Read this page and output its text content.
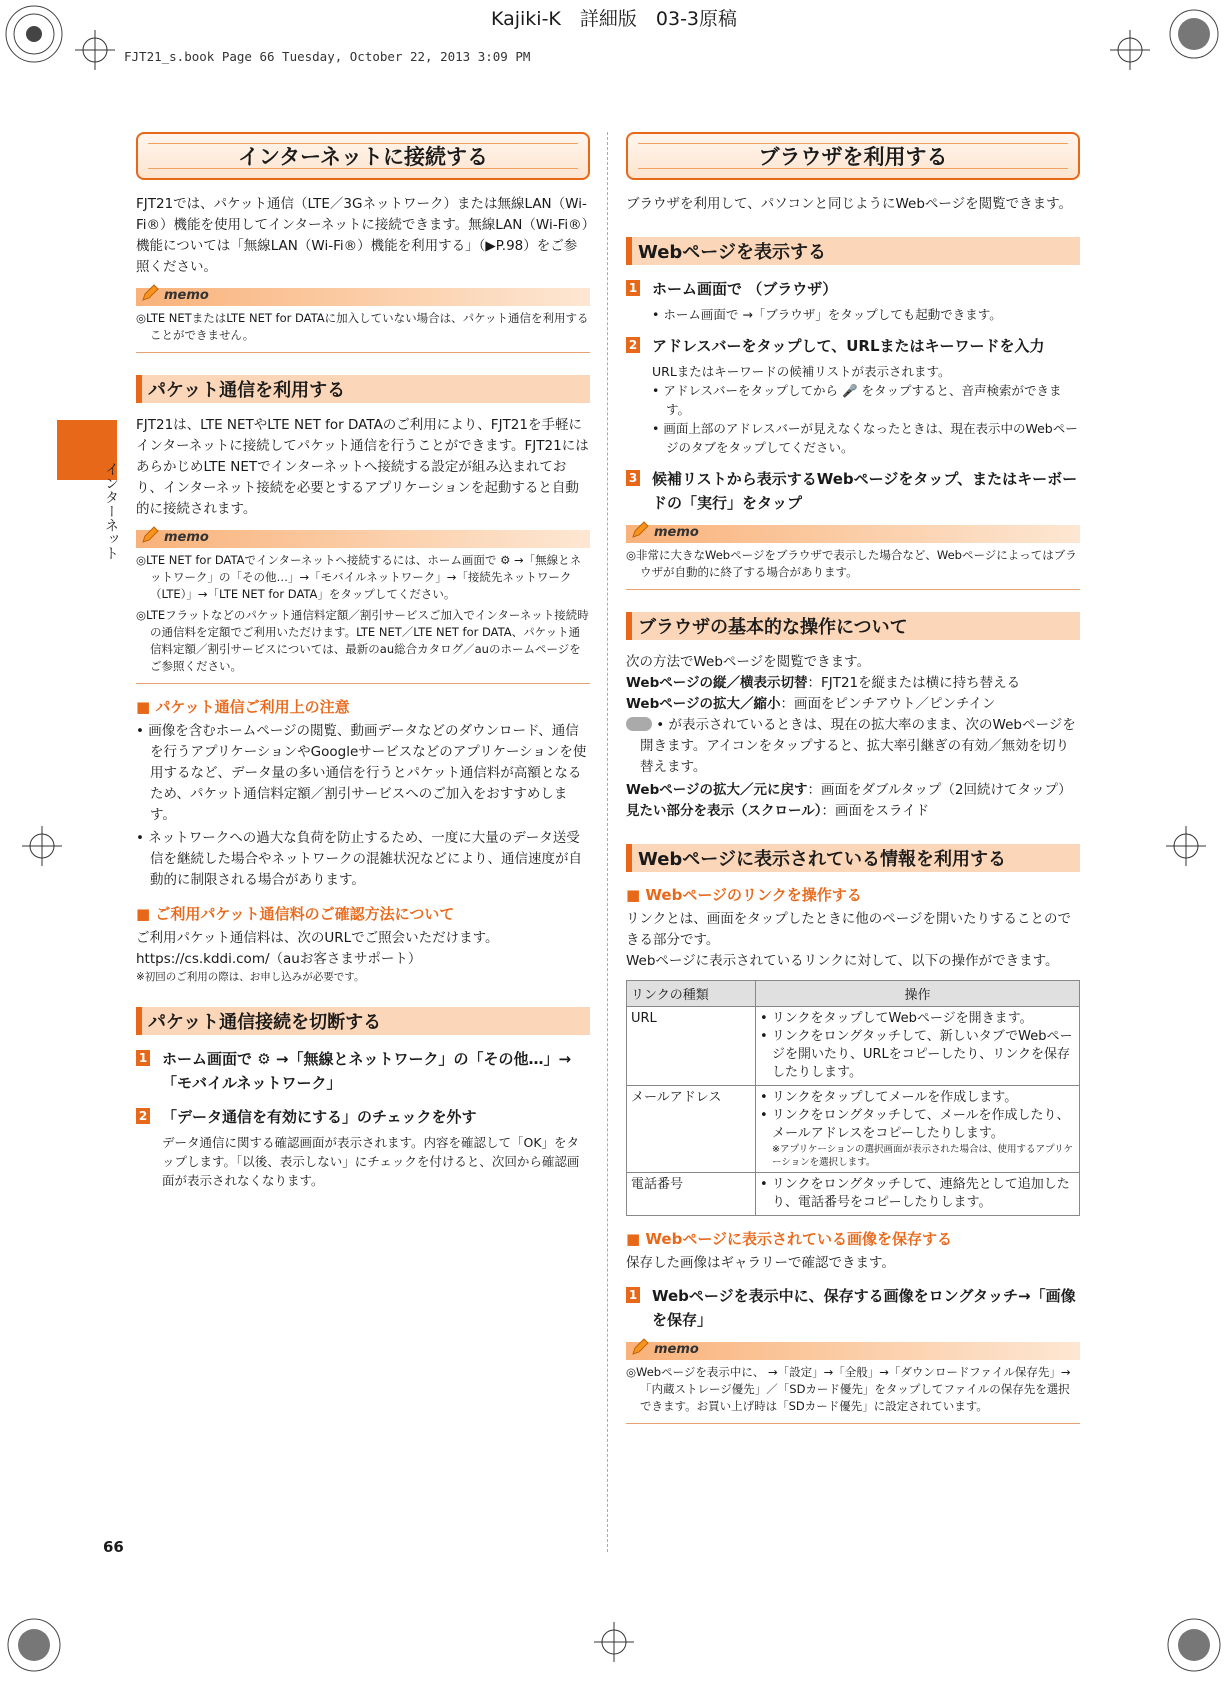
Kajiki-K　詳細版　03-3原稿
FJT21_s.book Page 66 Tuesday, October 22, 2013 3:09 PM
インターネット
インターネットに接続する

FJT21では、パケット通信（LTE／3Gネットワーク）または無線LAN（Wi-Fi®）機能を使用してインターネットに接続できます。無線LAN（Wi-Fi®）機能については「無線LAN（Wi-Fi®）機能を利用する」（▶P.98）をご参照ください。

memo
◎LTE NETまたはLTE NET for DATAに加入していない場合は、パケット通信を利用することができません。
パケット通信を利用する

FJT21は、LTE NETやLTE NET for DATAのご利用により、FJT21を手軽にインターネットに接続してパケット通信を行うことができます。FJT21にはあらかじめLTE NETでインターネットへ接続する設定が組み込まれており、インターネット接続を必要とするアプリケーションを起動すると自動的に接続されます。

memo
◎LTE NET for DATAでインターネットへ接続するには、ホーム画面で ⚙ →「無線とネットワーク」の「その他…」→「モバイルネットワーク」→「接続先ネットワーク（LTE）」→「LTE NET for DATA」をタップしてください。
◎LTEフラットなどのパケット通信料定額／割引サービスご加入でインターネット接続時の通信料を定額でご利用いただけます。LTE NET／LTE NET for DATA、パケット通信料定額／割引サービスについては、最新のau総合カタログ／auのホームページをご参照ください。
■ パケット通信ご利用上の注意
• 画像を含むホームページの閲覧、動画データなどのダウンロード、通信を行うアプリケーションやGoogleサービスなどのアプリケーションを使用するなど、データ量の多い通信を行うとパケット通信料が高額となるため、パケット通信料定額／割引サービスへのご加入をおすすめします。
• ネットワークへの過大な負荷を防止するため、一度に大量のデータ送受信を継続した場合やネットワークの混雑状況などにより、通信速度が自動的に制限される場合があります。
■ ご利用パケット通信料のご確認方法について

ご利用パケット通信料は、次のURLでご照会いただけます。

https://cs.kddi.com/（auお客さまサポート）

※初回のご利用の際は、お申し込みが必要です。
パケット通信接続を切断する
1 ホーム画面で ⚙ →「無線とネットワーク」の「その他…」→「モバイルネットワーク」
2 「データ通信を有効にする」のチェックを外す
データ通信に関する確認画面が表示されます。内容を確認して「OK」をタップします。「以後、表示しない」にチェックを付けると、次回から確認画面が表示されなくなります。
ブラウザを利用する

ブラウザを利用して、パソコンと同じようにWebページを閲覧できます。

Webページを表示する
1 ホーム画面で （ブラウザ）
• ホーム画面で →「ブラウザ」をタップしても起動できます。
2 アドレスバーをタップして、URLまたはキーワードを入力
URLまたはキーワードの候補リストが表示されます。
• アドレスバーをタップしてから 🎤 をタップすると、音声検索ができます。
• 画面上部のアドレスバーが見えなくなったときは、現在表示中のWebページのタブをタップしてください。
3 候補リストから表示するWebページをタップ、またはキーボードの「実行」をタップ
memo
◎非常に大きなWebページをブラウザで表示した場合など、Webページによってはブラウザが自動的に終了する場合があります。
ブラウザの基本的な操作について

次の方法でWebページを閲覧できます。

Webページの縦／横表示切替：FJT21を縦または横に持ち替える

Webページの拡大／縮小：画面をピンチアウト／ピンチイン

• が表示されているときは、現在の拡大率のまま、次のWebページを開きます。アイコンをタップすると、拡大率引継ぎの有効／無効を切り替えます。

Webページの拡大／元に戻す：画面をダブルタップ（2回続けてタップ）

見たい部分を表示（スクロール）：画面をスライド

Webページに表示されている情報を利用する
■ Webページのリンクを操作する

リンクとは、画面をタップしたときに他のページを開いたりすることのできる部分です。

Webページに表示されているリンクに対して、以下の操作ができます。

リンクの種類	操作
URL	• リンクをタップしてWebページを開きます。
• リンクをロングタッチして、新しいタブでWebページを開いたり、URLをコピーしたり、リンクを保存したりします。

メールアドレス	• リンクをタップしてメールを作成します。
• リンクをロングタッチして、メールを作成したり、メールアドレスをコピーしたりします。
※アプリケーションの選択画面が表示された場合は、使用するアプリケーションを選択します。

電話番号	• リンクをロングタッチして、連絡先として追加したり、電話番号をコピーしたりします。
■ Webページに表示されている画像を保存する

保存した画像はギャラリーで確認できます。

1 Webページを表示中に、保存する画像をロングタッチ→「画像を保存」
memo
◎Webページを表示中に、 →「設定」→「全般」→「ダウンロードファイル保存先」→「内蔵ストレージ優先」／「SDカード優先」をタップしてファイルの保存先を選択できます。お買い上げ時は「SDカード優先」に設定されています。
66
